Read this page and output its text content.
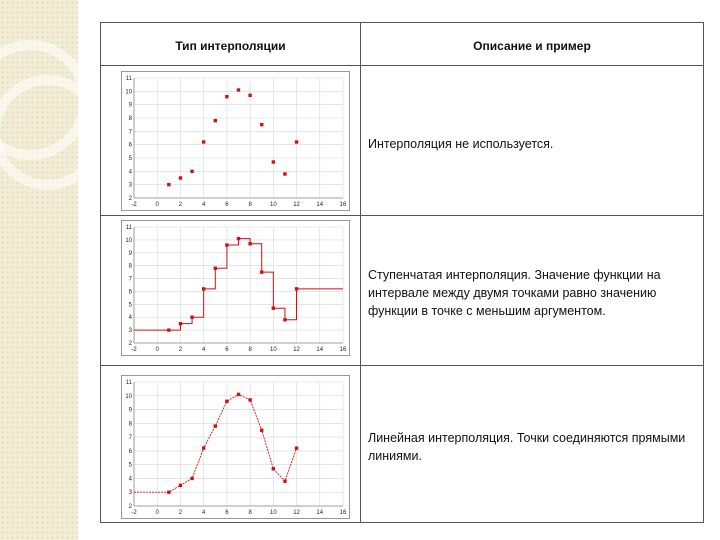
Тип интерполяции	Описание и пример
-2	0	2	4	6	8	10	12	14	16
2
3
4
5
6
7
8
9
10
11
-2	0	2	4	6	8	10	12	14	16
2
3
4
5
6
7
8
9
10
11
-2	0	2	4	6	8	10	12	14	16
2
3
4
5
6
7
8
9
10
11
Интерполяция не используется.
Ступенчатая интерполяция. Значение функции на интервале между двумя точками равно значению функции в точке с меньшим аргументом.
Линейная интерполяция. Точки соединяются прямыми линиями.
